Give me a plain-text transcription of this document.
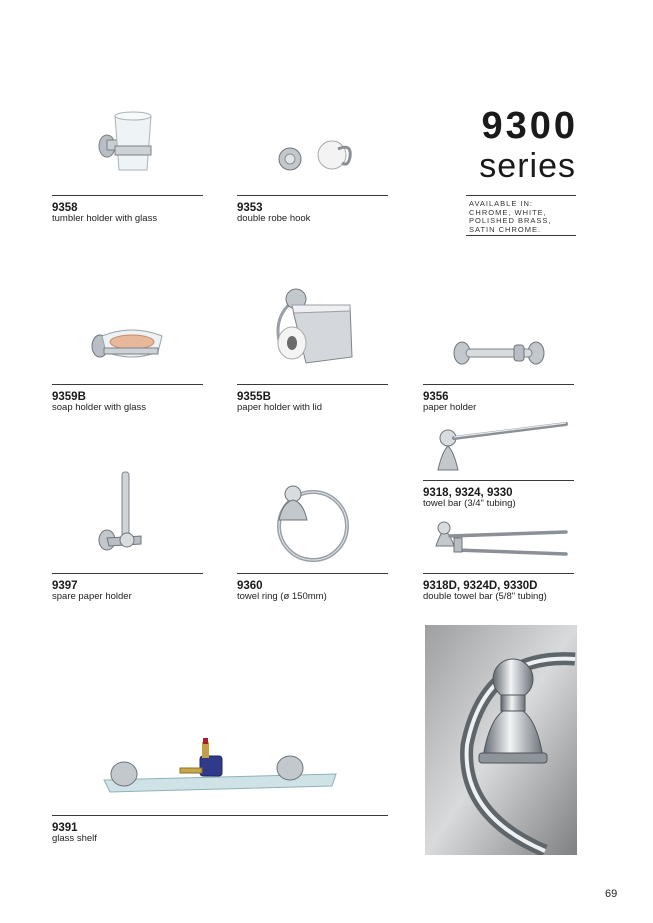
9300
series
AVAILABLE IN:
CHROME, WHITE,
POLISHED BRASS,
SATIN CHROME.
9358
tumbler holder with glass
9353
double robe hook
9359B
soap holder with glass
9355B
paper holder with lid
9356
paper holder
9318, 9324, 9330
towel bar (3/4" tubing)
9397
spare paper holder
9360
towel ring (ø 150mm)
9318D, 9324D, 9330D
double towel bar (5/8" tubing)
9391
glass shelf
69
